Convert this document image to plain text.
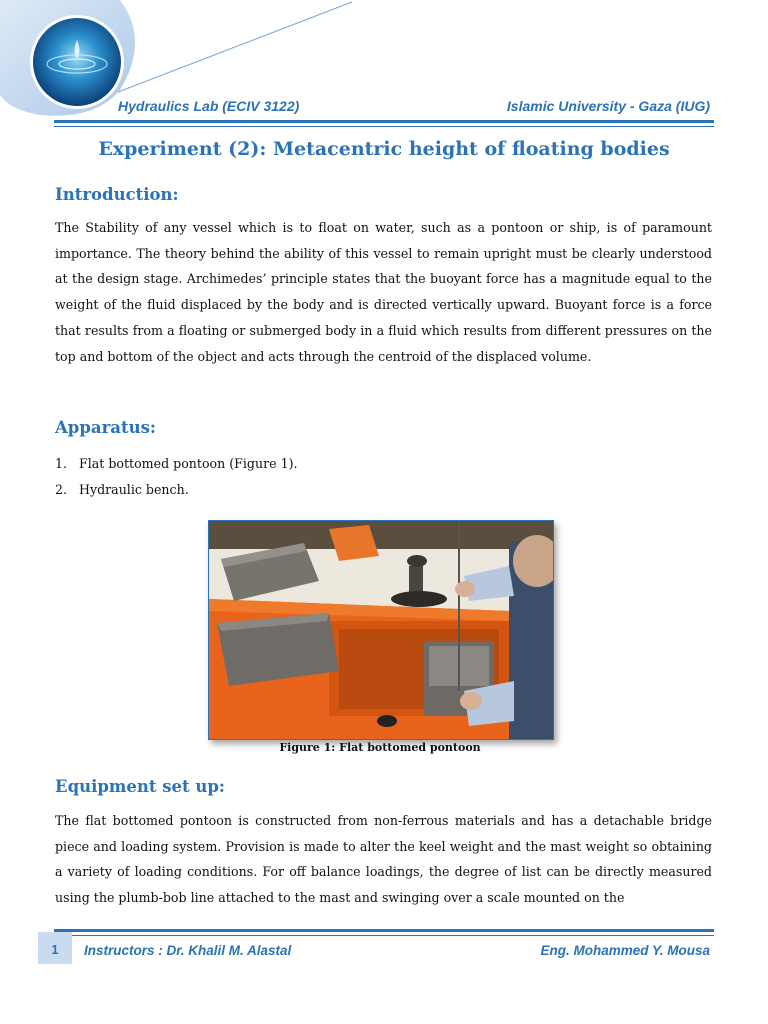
Hydraulics Lab (ECIV 3122)	Islamic University - Gaza (IUG)
Experiment (2): Metacentric height of floating bodies
Introduction:
The Stability of any vessel which is to float on water, such as a pontoon or ship, is of paramount importance. The theory behind the ability of this vessel to remain upright must be clearly understood at the design stage. Archimedes’ principle states that the buoyant force has a magnitude equal to the weight of the fluid displaced by the body and is directed vertically upward. Buoyant force is a force that results from a floating or submerged body in a fluid which results from different pressures on the top and bottom of the object and acts through the centroid of the displaced volume.
Apparatus:
1. Flat bottomed pontoon (Figure 1).
2. Hydraulic bench.
Figure 1: Flat bottomed pontoon
Equipment set up:
The flat bottomed pontoon is constructed from non-ferrous materials and has a detachable bridge piece and loading system. Provision is made to alter the keel weight and the mast weight so obtaining a variety of loading conditions. For off balance loadings, the degree of list can be directly measured using the plumb-bob line attached to the mast and swinging over a scale mounted on the
1	Instructors : Dr. Khalil M. Alastal	Eng. Mohammed Y. Mousa
